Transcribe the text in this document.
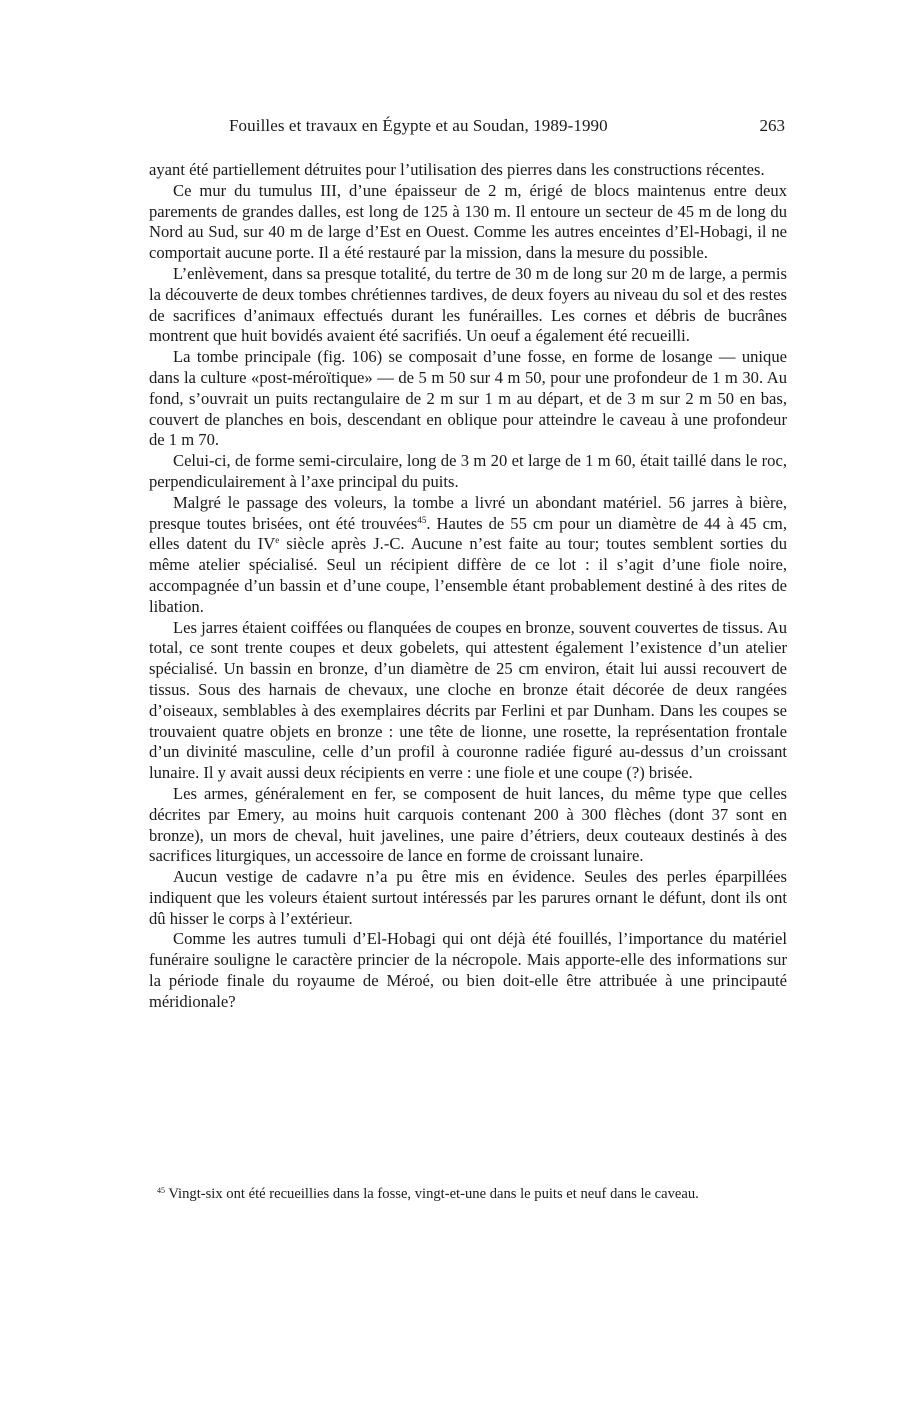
Fouilles et travaux en Égypte et au Soudan, 1989-1990	263

ayant été partiellement détruites pour l’utilisation des pierres dans les constructions récentes.

Ce mur du tumulus III, d’une épaisseur de 2 m, érigé de blocs maintenus entre deux parements de grandes dalles, est long de 125 à 130 m. Il entoure un secteur de 45 m de long du Nord au Sud, sur 40 m de large d’Est en Ouest. Comme les autres enceintes d’El-Hobagi, il ne comportait aucune porte. Il a été restauré par la mission, dans la mesure du possible.

L’enlèvement, dans sa presque totalité, du tertre de 30 m de long sur 20 m de large, a permis la découverte de deux tombes chrétiennes tardives, de deux foyers au niveau du sol et des restes de sacrifices d’animaux effectués durant les funérailles. Les cornes et débris de bucrânes montrent que huit bovidés avaient été sacrifiés. Un oeuf a également été recueilli.

La tombe principale (fig. 106) se composait d’une fosse, en forme de losange — unique dans la culture «post-méroïtique» — de 5 m 50 sur 4 m 50, pour une profondeur de 1 m 30. Au fond, s’ouvrait un puits rectangulaire de 2 m sur 1 m au départ, et de 3 m sur 2 m 50 en bas, couvert de planches en bois, descendant en oblique pour atteindre le caveau à une profondeur de 1 m 70.

Celui-ci, de forme semi-circulaire, long de 3 m 20 et large de 1 m 60, était taillé dans le roc, perpendiculairement à l’axe principal du puits.

Malgré le passage des voleurs, la tombe a livré un abondant matériel. 56 jarres à bière, presque toutes brisées, ont été trouvées$^{45}$. Hautes de 55 cm pour un diamètre de 44 à 45 cm, elles datent du IVe siècle après J.-C. Aucune n’est faite au tour; toutes semblent sorties du même atelier spécialisé. Seul un récipient diffère de ce lot : il s’agit d’une fiole noire, accompagnée d’un bassin et d’une coupe, l’ensemble étant probablement destiné à des rites de libation.

Les jarres étaient coiffées ou flanquées de coupes en bronze, souvent couvertes de tissus. Au total, ce sont trente coupes et deux gobelets, qui attestent également l’existence d’un atelier spécialisé. Un bassin en bronze, d’un diamètre de 25 cm environ, était lui aussi recouvert de tissus. Sous des harnais de chevaux, une cloche en bronze était décorée de deux rangées d’oiseaux, semblables à des exemplaires décrits par Ferlini et par Dunham. Dans les coupes se trouvaient quatre objets en bronze : une tête de lionne, une rosette, la représentation frontale d’un divinité masculine, celle d’un profil à couronne radiée figuré au-dessus d’un croissant lunaire. Il y avait aussi deux récipients en verre : une fiole et une coupe (?) brisée.

Les armes, généralement en fer, se composent de huit lances, du même type que celles décrites par Emery, au moins huit carquois contenant 200 à 300 flèches (dont 37 sont en bronze), un mors de cheval, huit javelines, une paire d’étriers, deux couteaux destinés à des sacrifices liturgiques, un accessoire de lance en forme de croissant lunaire.

Aucun vestige de cadavre n’a pu être mis en évidence. Seules des perles éparpillées indiquent que les voleurs étaient surtout intéressés par les parures ornant le défunt, dont ils ont dû hisser le corps à l’extérieur.

Comme les autres tumuli d’El-Hobagi qui ont déjà été fouillés, l’importance du matériel funéraire souligne le caractère princier de la nécropole. Mais apporte-elle des informations sur la période finale du royaume de Méroé, ou bien doit-elle être attribuée à une principauté méridionale?

$^{45}$ Vingt-six ont été recueillies dans la fosse, vingt-et-une dans le puits et neuf dans le caveau.
